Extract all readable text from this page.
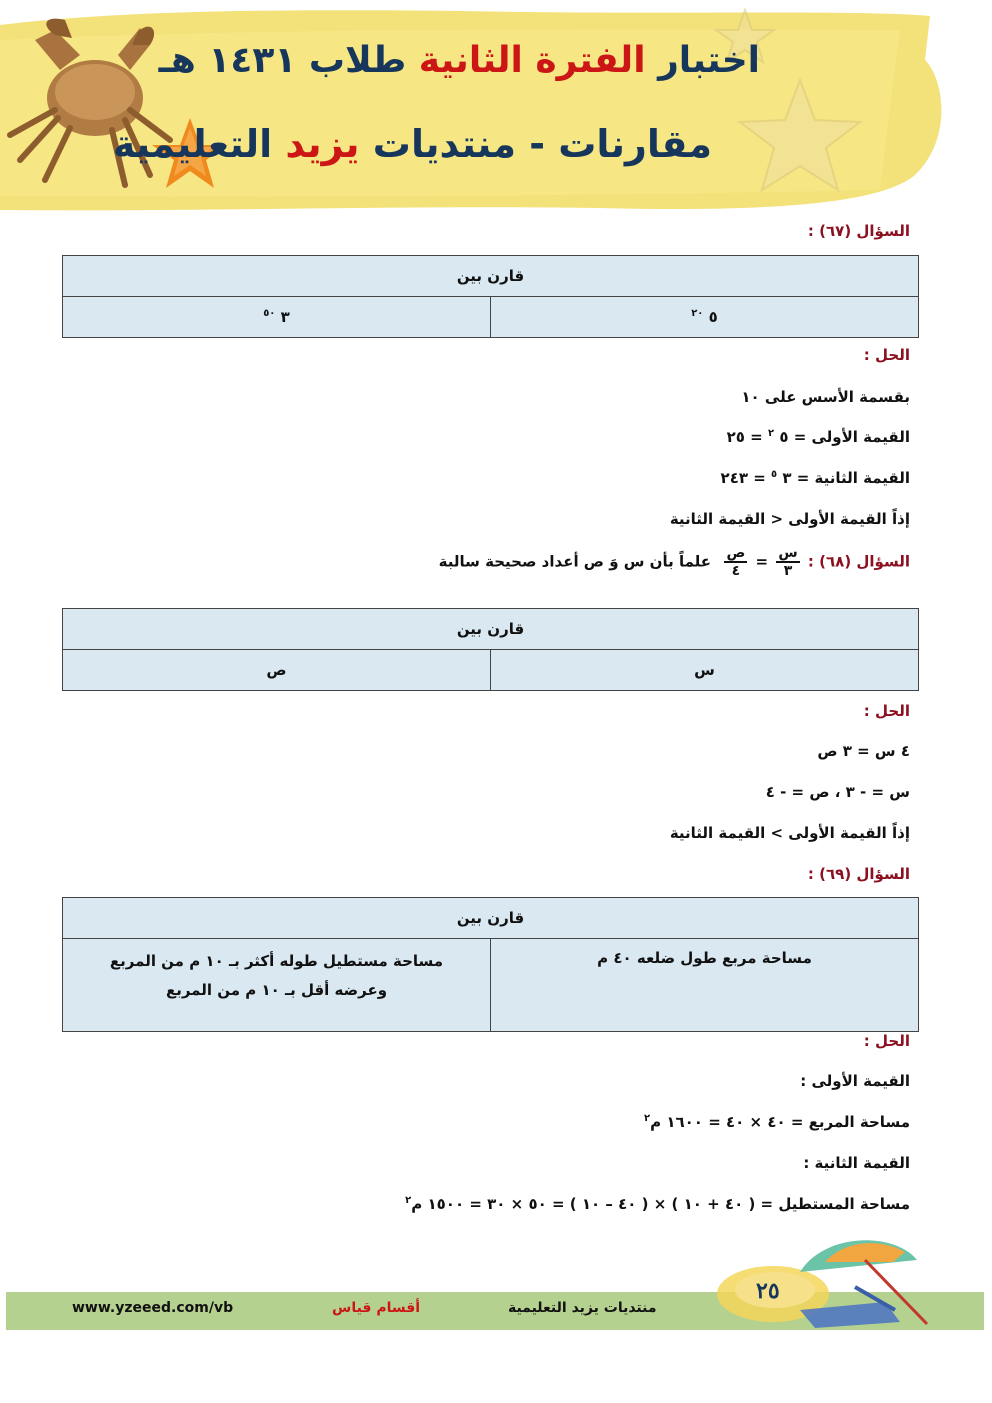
اختبار الفترة الثانية طلاب ١٤٣١ هـ
مقارنات - منتديات يزيد التعليمية
السؤال (٦٧) :
قارن بين
٥ $^{٢٠}$	٣ $^{٥٠}$
الحل :
بقسمة الأسس على ١٠
القيمة الأولى = ٥ $^٢$ = ٢٥
القيمة الثانية = ٣ $^٥$ = ٢٤٣
إذاً القيمة الأولى < القيمة الثانية
السؤال (٦٨) :
$\frac{\text{س}}{٣}$
=
$\frac{\text{ص}}{٤}$
علماً بأن س وَ ص أعداد صحيحة سالبة
قارن بين
س	ص
الحل :
٤ س = ٣ ص
س = - ٣ ، ص = - ٤
إذاً القيمة الأولى > القيمة الثانية
السؤال (٦٩) :
قارن بين
مساحة مربع طول ضلعه ٤٠ م	مساحة مستطيل طوله أكثر بـ ١٠ م من المربع
وعرضه أقل بـ ١٠ م من المربع
الحل :
القيمة الأولى :
مساحة المربع = ٤٠ × ٤٠ = ١٦٠٠ م$^٢$
القيمة الثانية :
مساحة المستطيل = ( ٤٠ + ١٠ ) × ( ٤٠ – ١٠ ) = ٥٠ × ٣٠ = ١٥٠٠ م$^٢$
٢٥
منتديات يزيد التعليمية
أقسام قياس
www.yzeeed.com/vb
